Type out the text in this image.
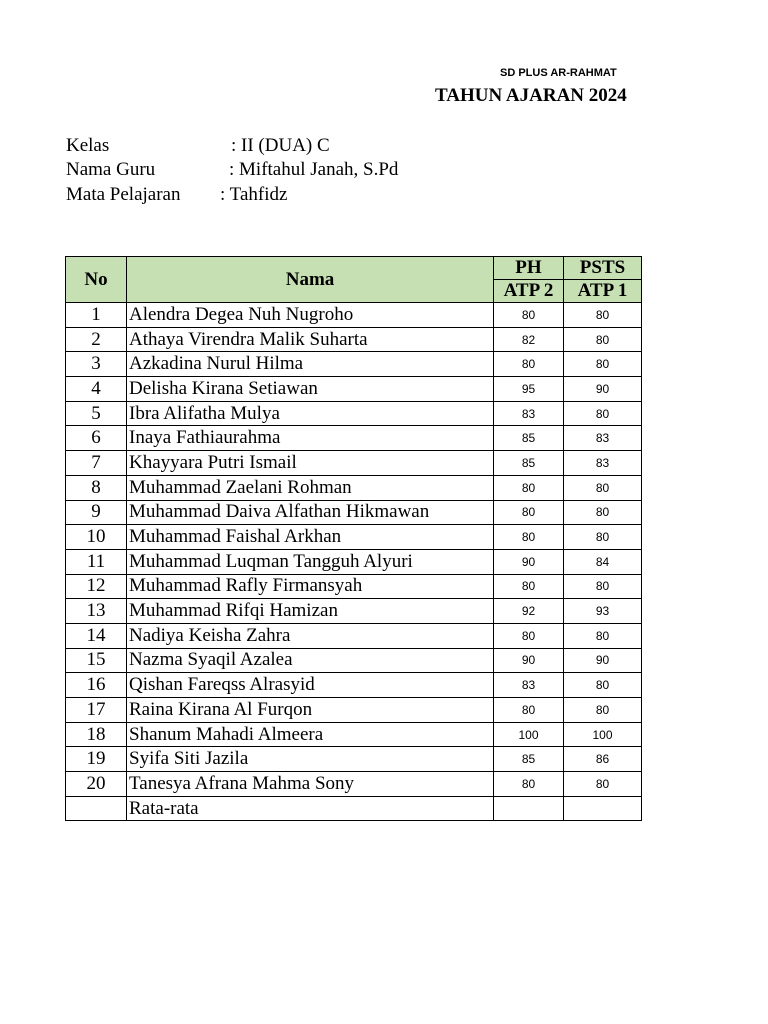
SD PLUS AR-RAHMAT
TAHUN AJARAN 2024
Kelas	: II (DUA) C
Nama Guru	: Miftahul Janah, S.Pd
Mata Pelajaran : Tahfidz
No	Nama	PH	PSTS
		ATP 2	ATP 1
1	Alendra Degea Nuh Nugroho	80	80
2	Athaya Virendra Malik Suharta	82	80
3	Azkadina Nurul Hilma	80	80
4	Delisha Kirana Setiawan	95	90
5	Ibra Alifatha Mulya	83	80
6	Inaya Fathiaurahma	85	83
7	Khayyara Putri Ismail	85	83
8	Muhammad Zaelani Rohman	80	80
9	Muhammad Daiva Alfathan Hikmawan	80	80
10	Muhammad Faishal Arkhan	80	80
11	Muhammad Luqman Tangguh Alyuri	90	84
12	Muhammad Rafly Firmansyah	80	80
13	Muhammad Rifqi Hamizan	92	93
14	Nadiya Keisha Zahra	80	80
15	Nazma Syaqil Azalea	90	90
16	Qishan Fareqss Alrasyid	83	80
17	Raina Kirana Al Furqon	80	80
18	Shanum Mahadi Almeera	100	100
19	Syifa Siti Jazila	85	86
20	Tanesya Afrana Mahma Sony	80	80
	Rata-rata		
